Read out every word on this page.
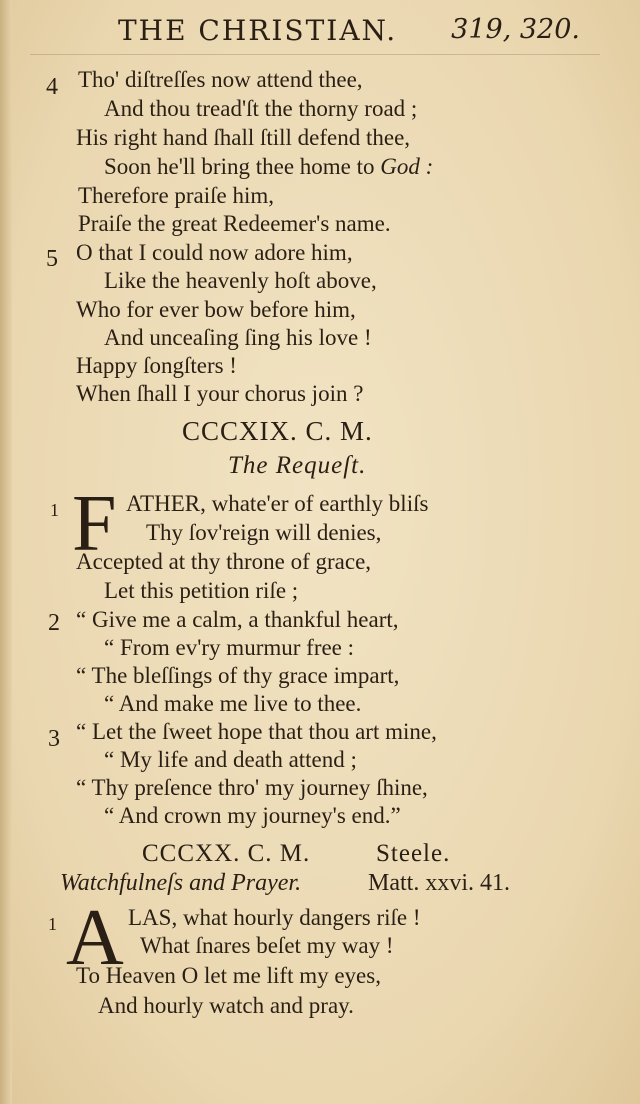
THE CHRISTIAN. 319, 320.
4 Tho' diſtreſſes now attend thee,
And thou tread'ſt the thorny road ;
His right hand ſhall ſtill defend thee,
Soon he'll bring thee home to God :
Therefore praiſe him,
Praiſe the great Redeemer's name.
5 O that I could now adore him,
Like the heavenly hoſt above,
Who for ever bow before him,
And unceaſing ſing his love !
Happy ſongſters !
When ſhall I your chorus join ?
CCCXIX. C. M.
The Requeſt.
1 F ATHER, whate'er of earthly bliſs
Thy ſov'reign will denies,
Accepted at thy throne of grace,
Let this petition riſe ;
2 “ Give me a calm, a thankful heart,
“ From ev'ry murmur free :
“ The bleſſings of thy grace impart,
“ And make me live to thee.
3 “ Let the ſweet hope that thou art mine,
“ My life and death attend ;
“ Thy preſence thro' my journey ſhine,
“ And crown my journey's end.”
CCCXX. C. M.	Steele.
Watchfulneſs and Prayer.	Matt. xxvi. 41.
1 A LAS, what hourly dangers riſe !
What ſnares beſet my way !
To Heaven O let me lift my eyes,
And hourly watch and pray.
